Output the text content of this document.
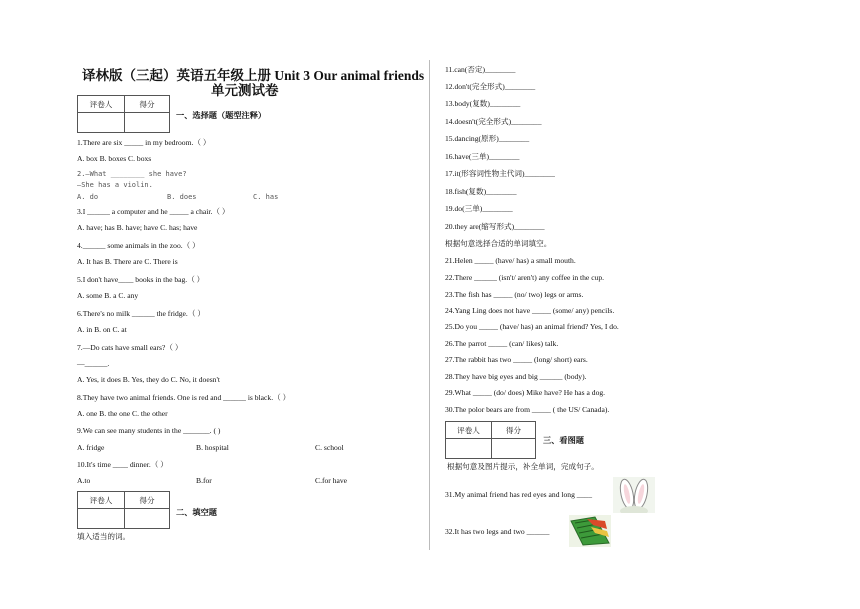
译林版（三起）英语五年级上册 Unit 3 Our animal friends
单元测试卷
评卷人	得分

一、选择题（题型注释）
1.There are six _____ in my bedroom.（ ）
A. box B. boxes C. boxs
2.—What ________ she have?
—She has a violin.
A. do	B. does	C. has
3.I ______ a computer and he _____ a chair.（ ）
A. have; has B. have; have C. has; have
4.______ some animals in the zoo.（ ）
A. It has B. There are C. There is
5.I don't have____ books in the bag.（ ）
A. some B. a C. any
6.There's no milk ______ the fridge.（ ）
A. in B. on C. at
7.—Do cats have small ears?（ ）
—______.
A. Yes, it does B. Yes, they do C. No, it doesn't
8.They have two animal friends. One is red and ______ is black.（ ）
A. one B. the one C. the other
9.We can see many students in the _______. ( )
A. fridge	B. hospital	C. school
10.It's time ____ dinner.（ ）
A.to	B.for	C.for have
评卷人	得分

二、填空题
填入适当的词。
11.can(否定)________
12.don't(完全形式)________
13.body(复数)________
14.doesn't(完全形式)________
15.dancing(原形)________
16.have(三单)________
17.it(形容词性物主代词)________
18.fish(复数)________
19.do(三单)________
20.they are(缩写形式)________
根据句意选择合适的单词填空。
21.Helen _____ (have/ has) a small mouth.
22.There ______ (isn't/ aren't) any coffee in the cup.
23.The fish has _____ (no/ two) legs or arms.
24.Yang Ling does not have _____ (some/ any) pencils.
25.Do you _____ (have/ has) an animal friend? Yes, I do.
26.The parrot _____ (can/ likes) talk.
27.The rabbit has two _____ (long/ short) ears.
28.They have big eyes and big ______ (body).
29.What _____ (do/ does) Mike have? He has a dog.
30.The polor bears are from _____ ( the US/ Canada).
评卷人	得分

三、看图题
根据句意及图片提示，补全单词，完成句子。
31.My animal friend has red eyes and long ____
32.It has two legs and two ______
